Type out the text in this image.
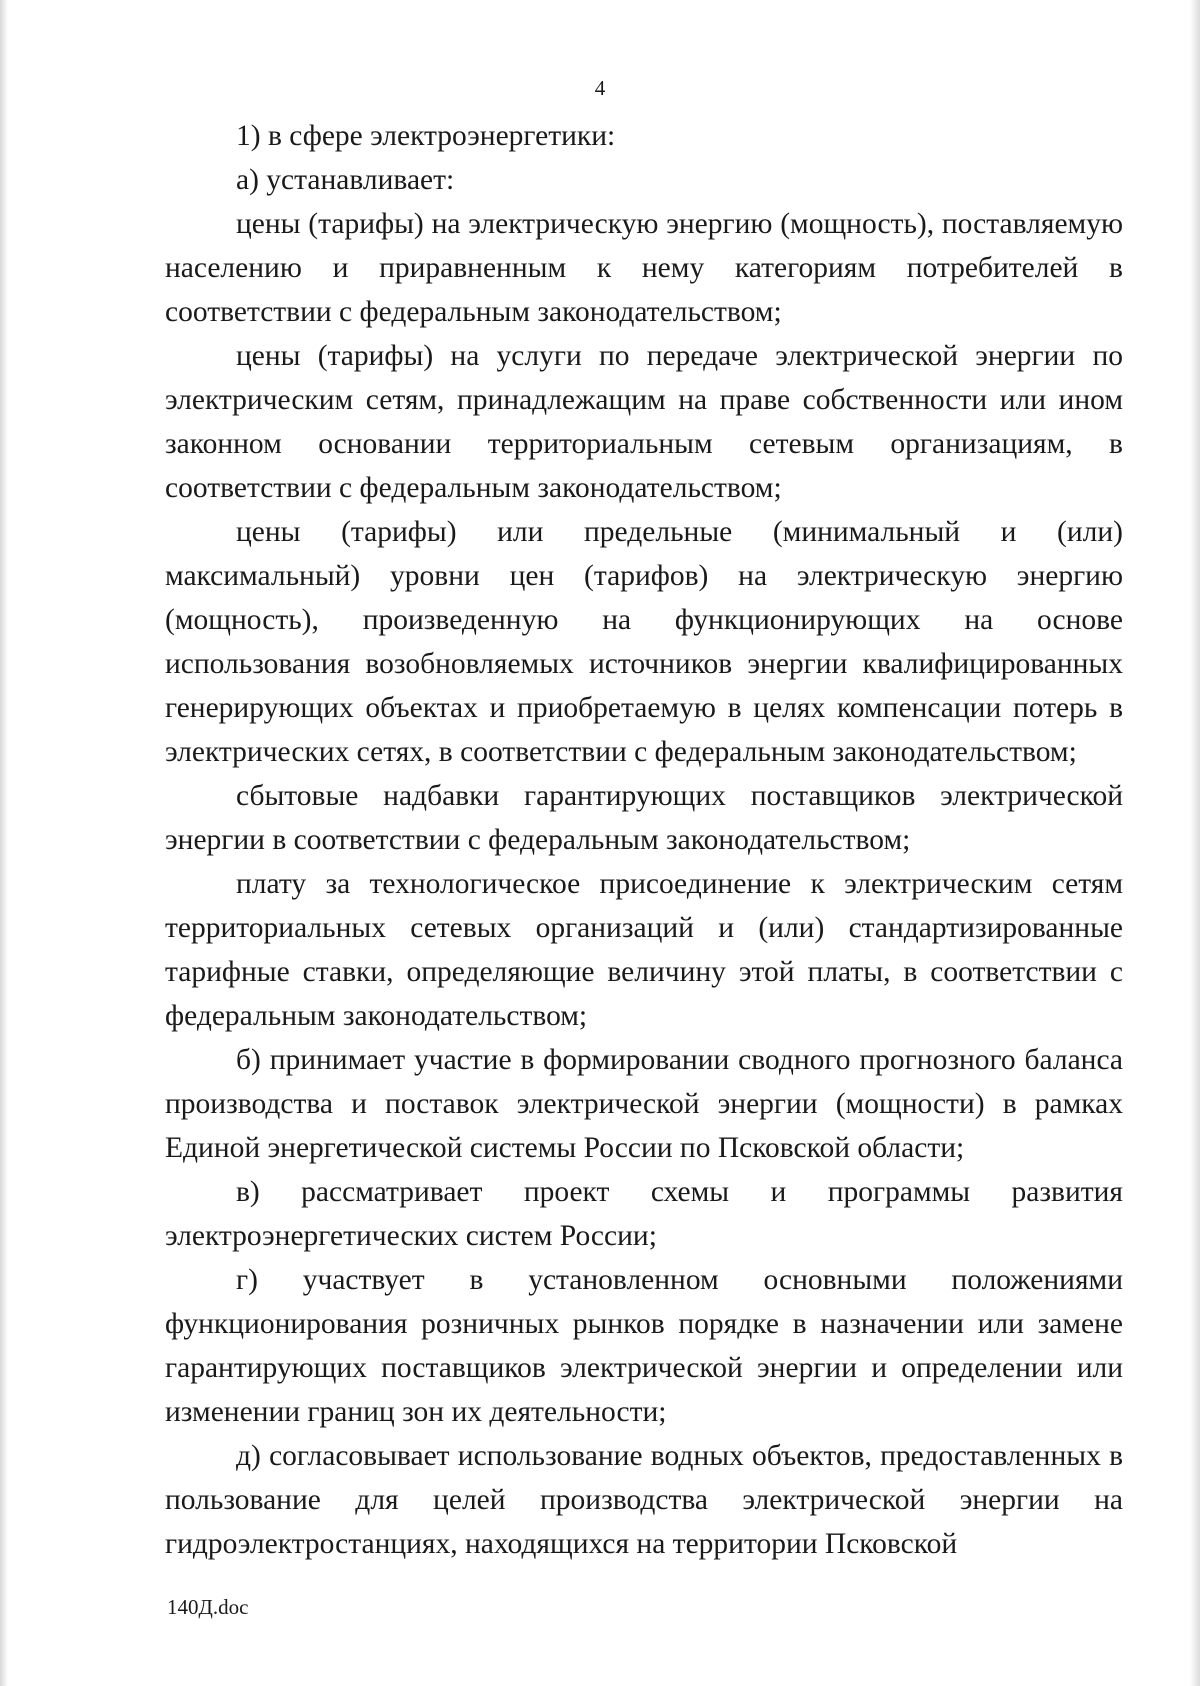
4

1) в сфере электроэнергетики:

а) устанавливает:

цены (тарифы) на электрическую энергию (мощность), поставляемую населению и приравненным к нему категориям потребителей в соответствии с федеральным законодательством;

цены (тарифы) на услуги по передаче электрической энергии по электрическим сетям, принадлежащим на праве собственности или ином законном основании территориальным сетевым организациям, в соответствии с федеральным законодательством;

цены (тарифы) или предельные (минимальный и (или) максимальный) уровни цен (тарифов) на электрическую энергию (мощность), произведенную на функционирующих на основе использования возобновляемых источников энергии квалифицированных генерирующих объектах и приобретаемую в целях компенсации потерь в электрических сетях, в соответствии с федеральным законодательством;

сбытовые надбавки гарантирующих поставщиков электрической энергии в соответствии с федеральным законодательством;

плату за технологическое присоединение к электрическим сетям территориальных сетевых организаций и (или) стандартизированные тарифные ставки, определяющие величину этой платы, в соответствии с федеральным законодательством;

б) принимает участие в формировании сводного прогнозного баланса производства и поставок электрической энергии (мощности) в рамках Единой энергетической системы России по Псковской области;

в) рассматривает проект схемы и программы развития электроэнергетических систем России;

г) участвует в установленном основными положениями функционирования розничных рынков порядке в назначении или замене гарантирующих поставщиков электрической энергии и определении или изменении границ зон их деятельности;

д) согласовывает использование водных объектов, предоставленных в пользование для целей производства электрической энергии на гидроэлектростанциях, находящихся на территории Псковской

140Д.doc
